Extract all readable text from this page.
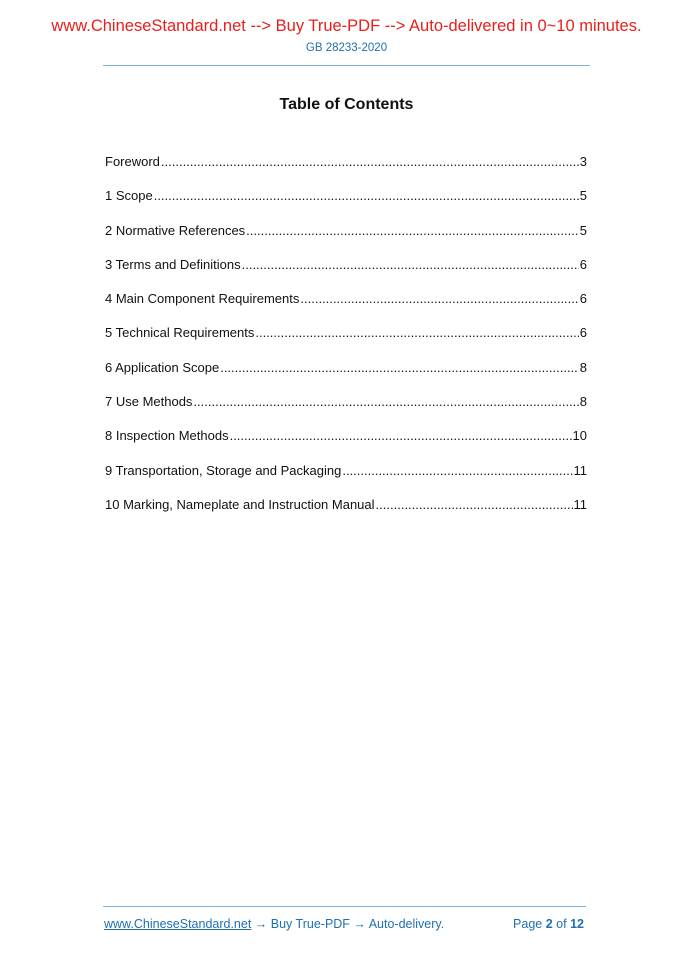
www.ChineseStandard.net --> Buy True-PDF --> Auto-delivered in 0~10 minutes.
GB 28233-2020
Table of Contents
Foreword .....	3
1 Scope .....	5
2 Normative References .....	5
3 Terms and Definitions .....	6
4 Main Component Requirements .....	6
5 Technical Requirements .....	6
6 Application Scope .....	8
7 Use Methods .....	8
8 Inspection Methods .....	10
9 Transportation, Storage and Packaging .....	11
10 Marking, Nameplate and Instruction Manual .....	11
www.ChineseStandard.net → Buy True-PDF → Auto-delivery.	Page 2 of 12
